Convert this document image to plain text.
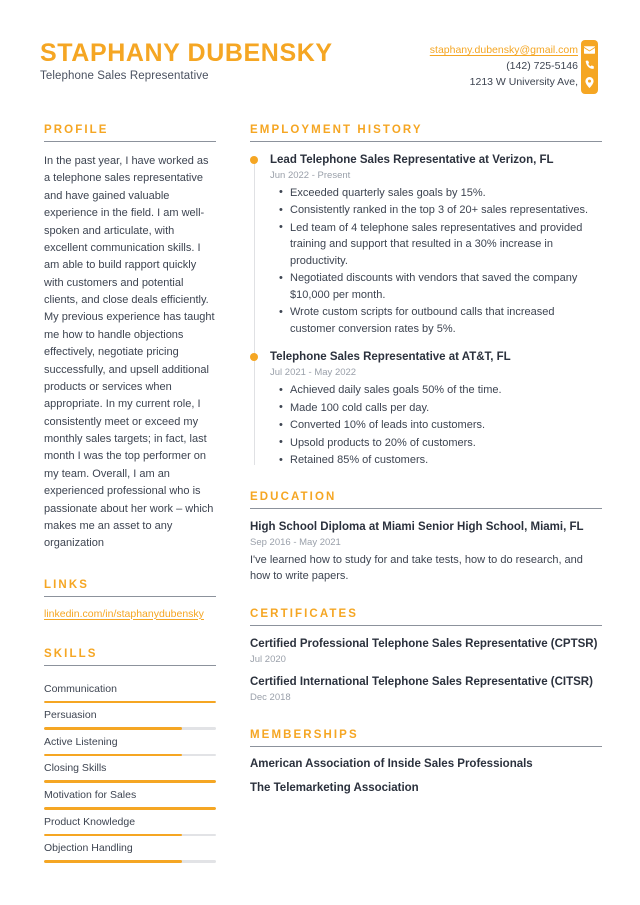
STAPHANY DUBENSKY
Telephone Sales Representative
staphany.dubensky@gmail.com
(142) 725-5146
1213 W University Ave,
PROFILE
In the past year, I have worked as a telephone sales representative and have gained valuable experience in the field. I am well-spoken and articulate, with excellent communication skills. I am able to build rapport quickly with customers and potential clients, and close deals efficiently. My previous experience has taught me how to handle objections effectively, negotiate pricing successfully, and upsell additional products or services when appropriate. In my current role, I consistently meet or exceed my monthly sales targets; in fact, last month I was the top performer on my team. Overall, I am an experienced professional who is passionate about her work – which makes me an asset to any organization
LINKS
linkedin.com/in/staphanydubensky
SKILLS
Communication
Persuasion
Active Listening
Closing Skills
Motivation for Sales
Product Knowledge
Objection Handling
EMPLOYMENT HISTORY
Lead Telephone Sales Representative at Verizon, FL
Jun 2022 - Present
• Exceeded quarterly sales goals by 15%.
• Consistently ranked in the top 3 of 20+ sales representatives.
• Led team of 4 telephone sales representatives and provided training and support that resulted in a 30% increase in productivity.
• Negotiated discounts with vendors that saved the company $10,000 per month.
• Wrote custom scripts for outbound calls that increased customer conversion rates by 5%.
Telephone Sales Representative at AT&T, FL
Jul 2021 - May 2022
• Achieved daily sales goals 50% of the time.
• Made 100 cold calls per day.
• Converted 10% of leads into customers.
• Upsold products to 20% of customers.
• Retained 85% of customers.
EDUCATION
High School Diploma at Miami Senior High School, Miami, FL
Sep 2016 - May 2021
I've learned how to study for and take tests, how to do research, and how to write papers.
CERTIFICATES
Certified Professional Telephone Sales Representative (CPTSR)
Jul 2020
Certified International Telephone Sales Representative (CITSR)
Dec 2018
MEMBERSHIPS
American Association of Inside Sales Professionals
The Telemarketing Association
